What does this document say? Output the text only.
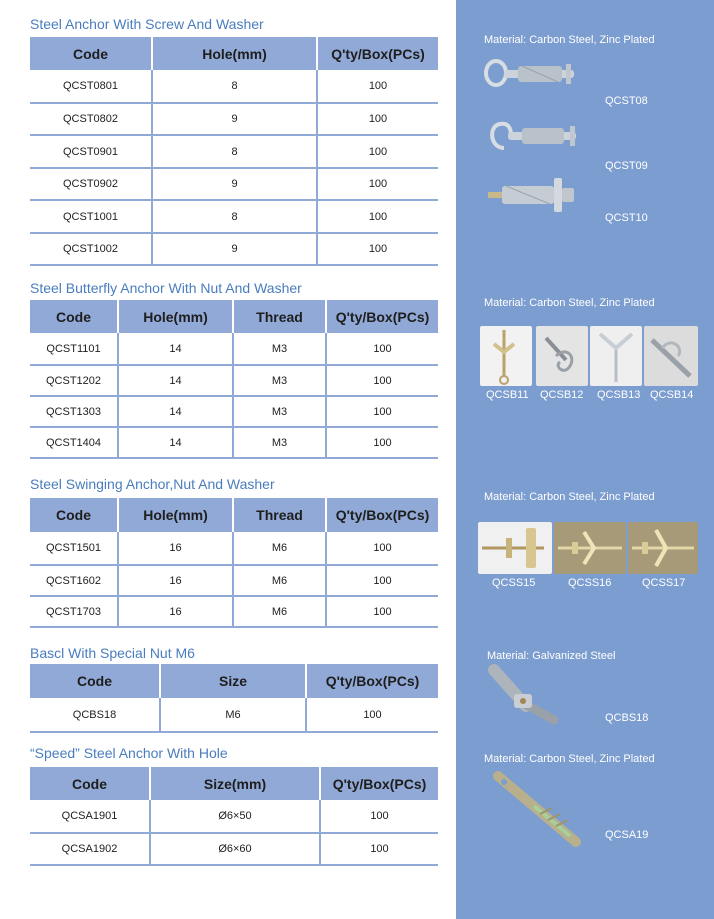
Steel Anchor With Screw And Washer
Code	Hole(mm)	Q'ty/Box(PCs)
QCST0801	8	100
QCST0802	9	100
QCST0901	8	100
QCST0902	9	100
QCST1001	8	100
QCST1002	9	100
Steel Butterfly Anchor With Nut And Washer
Code	Hole(mm)	Thread	Q'ty/Box(PCs)
QCST1101	14	M3	100
QCST1202	14	M3	100
QCST1303	14	M3	100
QCST1404	14	M3	100
Steel Swinging Anchor,Nut And Washer
Code	Hole(mm)	Thread	Q'ty/Box(PCs)
QCST1501	16	M6	100
QCST1602	16	M6	100
QCST1703	16	M6	100
Bascl With Special Nut M6
Code	Size	Q'ty/Box(PCs)
QCBS18	M6	100
“Speed” Steel Anchor With Hole
Code	Size(mm)	Q'ty/Box(PCs)
QCSA1901	Ø6×50	100
QCSA1902	Ø6×60	100
Material: Carbon Steel, Zinc Plated
QCST08
QCST09
QCST10
Material: Carbon Steel, Zinc Plated
QCSB11 QCSB12 QCSB13 QCSB14
Material: Carbon Steel, Zinc Plated
QCSS15	QCSS16	QCSS17
Material: Galvanized Steel
QCBS18
Material: Carbon Steel, Zinc Plated
QCSA19
